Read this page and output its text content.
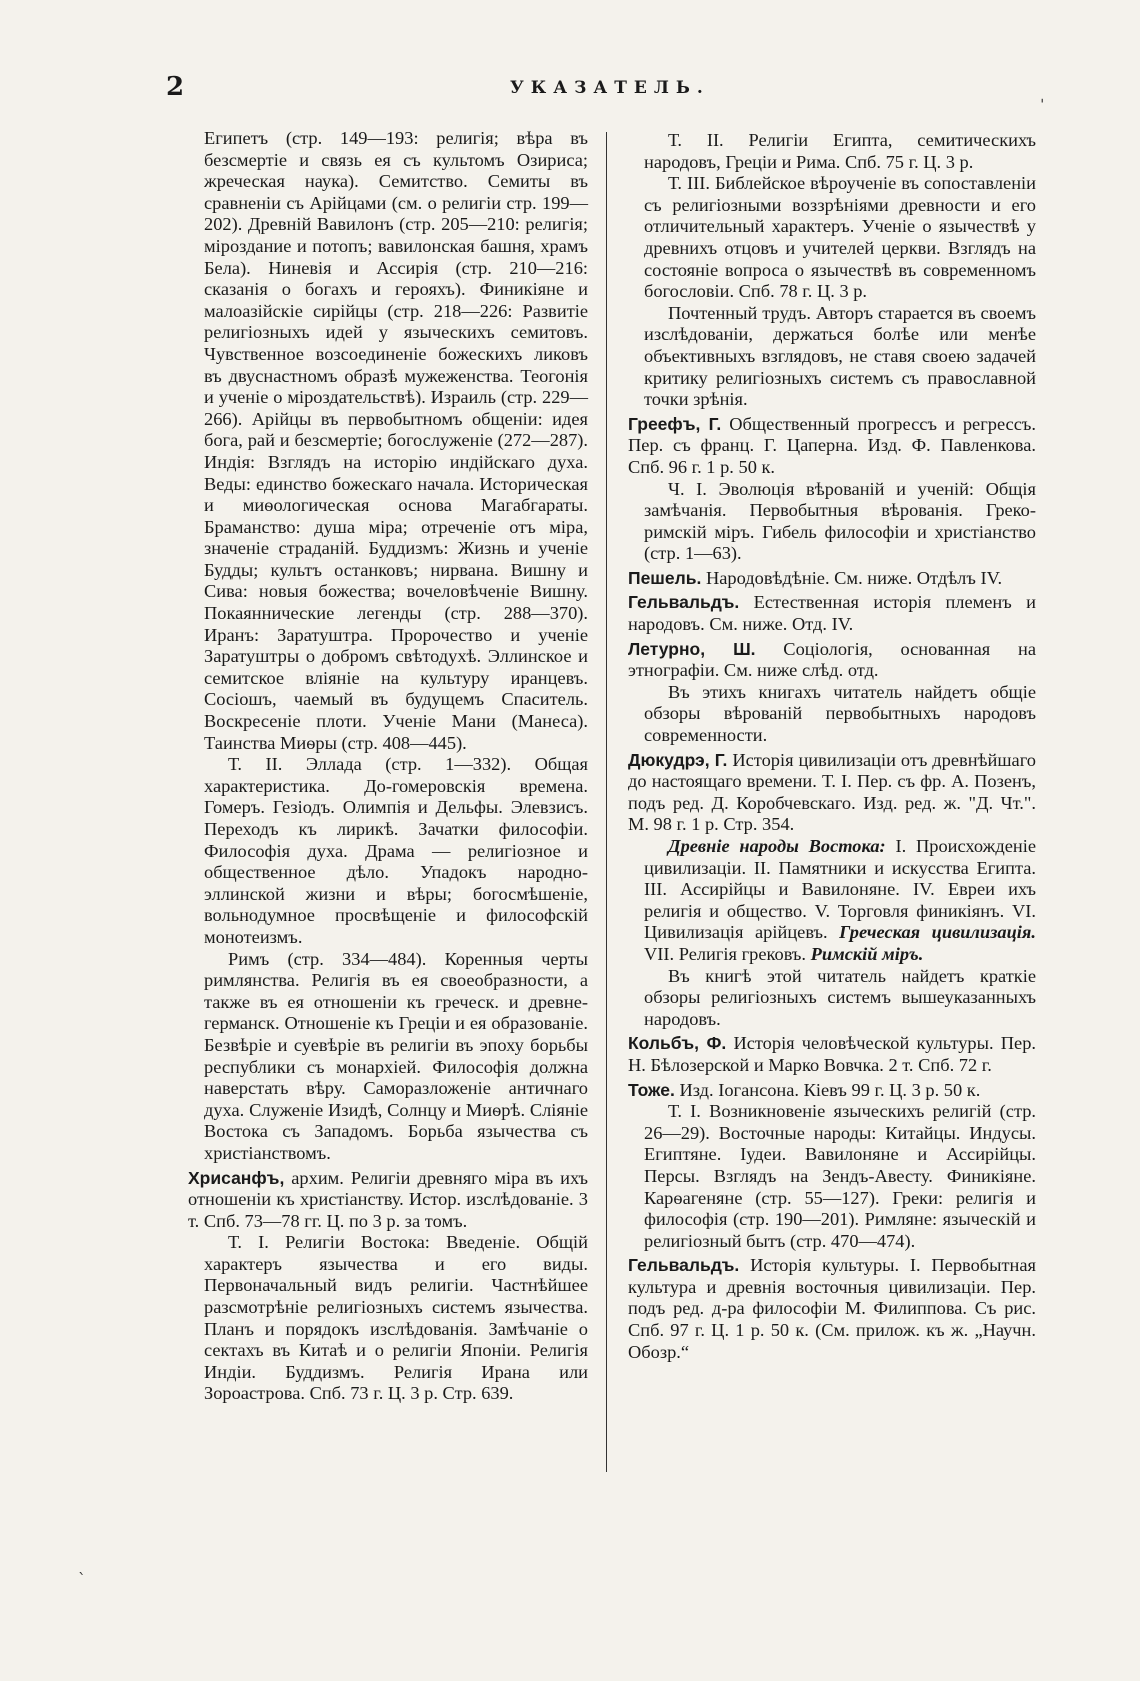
2	УКАЗАТЕЛЬ.
ˈ
ˋ

Египетъ (стр. 149—193: религія; вѣра въ безсмертіе и связь ея съ культомъ Озириса; жреческая наука). Семитство. Семиты въ сравненіи съ Арійцами (см. о религіи стр. 199—202). Древній Вавилонъ (стр. 205—210: религія; міроздание и потопъ; вавилонская башня, храмъ Бела). Ниневія и Ассирія (стр. 210—216: сказанія о богахъ и герояхъ). Финикіяне и малоазійскіе сирійцы (стр. 218—226: Развитіе религіозныхъ идей у языческихъ семитовъ. Чувственное возсоединеніе божескихъ ликовъ въ двуснастномъ образѣ мужеженства. Теогонія и ученіе о міроздательствѣ). Израиль (стр. 229—266). Арійцы въ первобытномъ общеніи: идея бога, рай и безсмертіе; богослуженіе (272—287). Индія: Взглядъ на исторію индійскаго духа. Веды: единство божескаго начала. Историческая и миѳологическая основа Магабгараты. Брамaнство: душа міра; отреченіе отъ міра, значеніе страданій. Буддизмъ: Жизнь и ученіе Будды; культъ останковъ; нирвана. Вишну и Сива: новыя божества; вочеловѣченіе Вишну. Покаяннические легенды (стр. 288—370). Иранъ: Заратуштра. Пророчество и ученіе Заратуштры о добромъ свѣтодухѣ. Эллинское и семитское вліяніе на культуру иранцевъ. Сосіошъ, чаемый въ будущемъ Спаситель. Воскресеніе плоти. Ученіе Мани (Манеса). Таинства Миѳры (стр. 408—445).

Т. II. Эллада (стр. 1—332). Общая характеристика. До-гомеровскія времена. Гомеръ. Гезіодъ. Олимпія и Дельфы. Элевзисъ. Переходъ къ лирикѣ. Зачатки философіи. Философія духа. Драма — религіозное и общественное дѣло. Упадокъ народно-эллинской жизни и вѣры; богосмѣшеніе, вольнодумное просвѣщеніе и философскій монотеизмъ.

Римъ (стр. 334—484). Коренныя черты римлянства. Религія въ ея своеобразности, а также въ ея отношеніи къ греческ. и древне-германск. Отношеніе къ Греціи и ея образованіе. Безвѣріе и суевѣріе въ религіи въ эпоху борьбы республики съ монархіей. Философія должна наверстать вѣру. Саморазложеніе античнаго духа. Служеніе Изидѣ, Солнцу и Миѳрѣ. Сліяніе Востока съ Западомъ. Борьба язычества съ христіанствомъ.

Хрисанфъ, архим. Религіи древняго міра въ ихъ отношеніи къ христіанству. Истор. изслѣдованіе. 3 т. Спб. 73—78 гг. Ц. по 3 р. за томъ.

Т. I. Религіи Востока: Введеніе. Общій характеръ язычества и его виды. Первоначальный видъ религіи. Частнѣйшее разсмотрѣніе религіозныхъ системъ язычества. Планъ и порядокъ изслѣдованія. Замѣчаніе о сектахъ въ Китаѣ и о религіи Японіи. Религія Индіи. Буддизмъ. Религія Ирана или Зороастрова. Спб. 73 г. Ц. 3 р. Стр. 639.

Т. II. Религіи Египта, семитическихъ народовъ, Греціи и Рима. Спб. 75 г. Ц. 3 р.

Т. III. Библейское вѣроученіе въ сопоставленіи съ религіозными воззрѣніями древности и его отличительный характеръ. Ученіе о язычествѣ у древнихъ отцовъ и учителей церкви. Взглядъ на состояніе вопроса о язычествѣ въ современномъ богословіи. Спб. 78 г. Ц. 3 р.

Почтенный трудъ. Авторъ старается въ своемъ изслѣдованіи, держаться болѣе или менѣе объективныхъ взглядовъ, не ставя своею задачей критику религіозныхъ системъ съ православной точки зрѣнія.

Греефъ, Г. Общественный прогрессъ и регрессъ. Пер. съ франц. Г. Цаперна. Изд. Ф. Павленкова. Спб. 96 г. 1 р. 50 к.

Ч. I. Эволюція вѣрованій и ученій: Общія замѣчанія. Первобытныя вѣрованія. Греко-римскій міръ. Гибель философіи и христіанство (стр. 1—63).

Пешель. Народовѣдѣніе. См. ниже. Отдѣлъ IV.

Гельвальдъ. Естественная исторія племенъ и народовъ. См. ниже. Отд. IV.

Летурно, Ш. Соціологія, основанная на этнографіи. См. ниже слѣд. отд.

Въ этихъ книгахъ читатель найдетъ общіе обзоры вѣрованій первобытныхъ народовъ современности.

Дюкудрэ, Г. Исторія цивилизаціи отъ древнѣйшаго до настоящаго времени. Т. I. Пер. съ фр. А. Позенъ, подъ ред. Д. Коробчевскаго. Изд. ред. ж. "Д. Чт.". М. 98 г. 1 р. Стр. 354.

Древніе народы Востока: I. Происхожденіе цивилизаціи. II. Памятники и искусства Египта. III. Ассирійцы и Вавилоняне. IV. Евреи ихъ религія и общество. V. Торговля финикіянъ. VI. Цивилизація арійцевъ. Греческая цивилизація. VII. Религія грековъ. Римскій міръ.

Въ книгѣ этой читатель найдетъ краткіе обзоры религіозныхъ системъ вышеуказанныхъ народовъ.

Кольбъ, Ф. Исторія человѣческой культуры. Пер. Н. Бѣлозерской и Марко Вовчка. 2 т. Спб. 72 г.

Тоже. Изд. Іогансона. Кіевъ 99 г. Ц. 3 р. 50 к.

Т. I. Возникновеніе языческихъ религій (стр. 26—29). Восточные народы: Китайцы. Индусы. Египтяне. Іудеи. Вавилоняне и Ассирійцы. Персы. Взглядъ на Зендъ-Авесту. Финикіяне. Карѳагеняне (стр. 55—127). Греки: религія и философія (стр. 190—201). Римляне: языческій и религіозный бытъ (стр. 470—474).

Гельвальдъ. Исторія культуры. I. Первобытная культура и древнія восточныя цивилизаціи. Пер. подъ ред. д-ра философіи М. Филиппова. Съ рис. Спб. 97 г. Ц. 1 р. 50 к. (См. прилож. къ ж. „Научн. Обозр.“
